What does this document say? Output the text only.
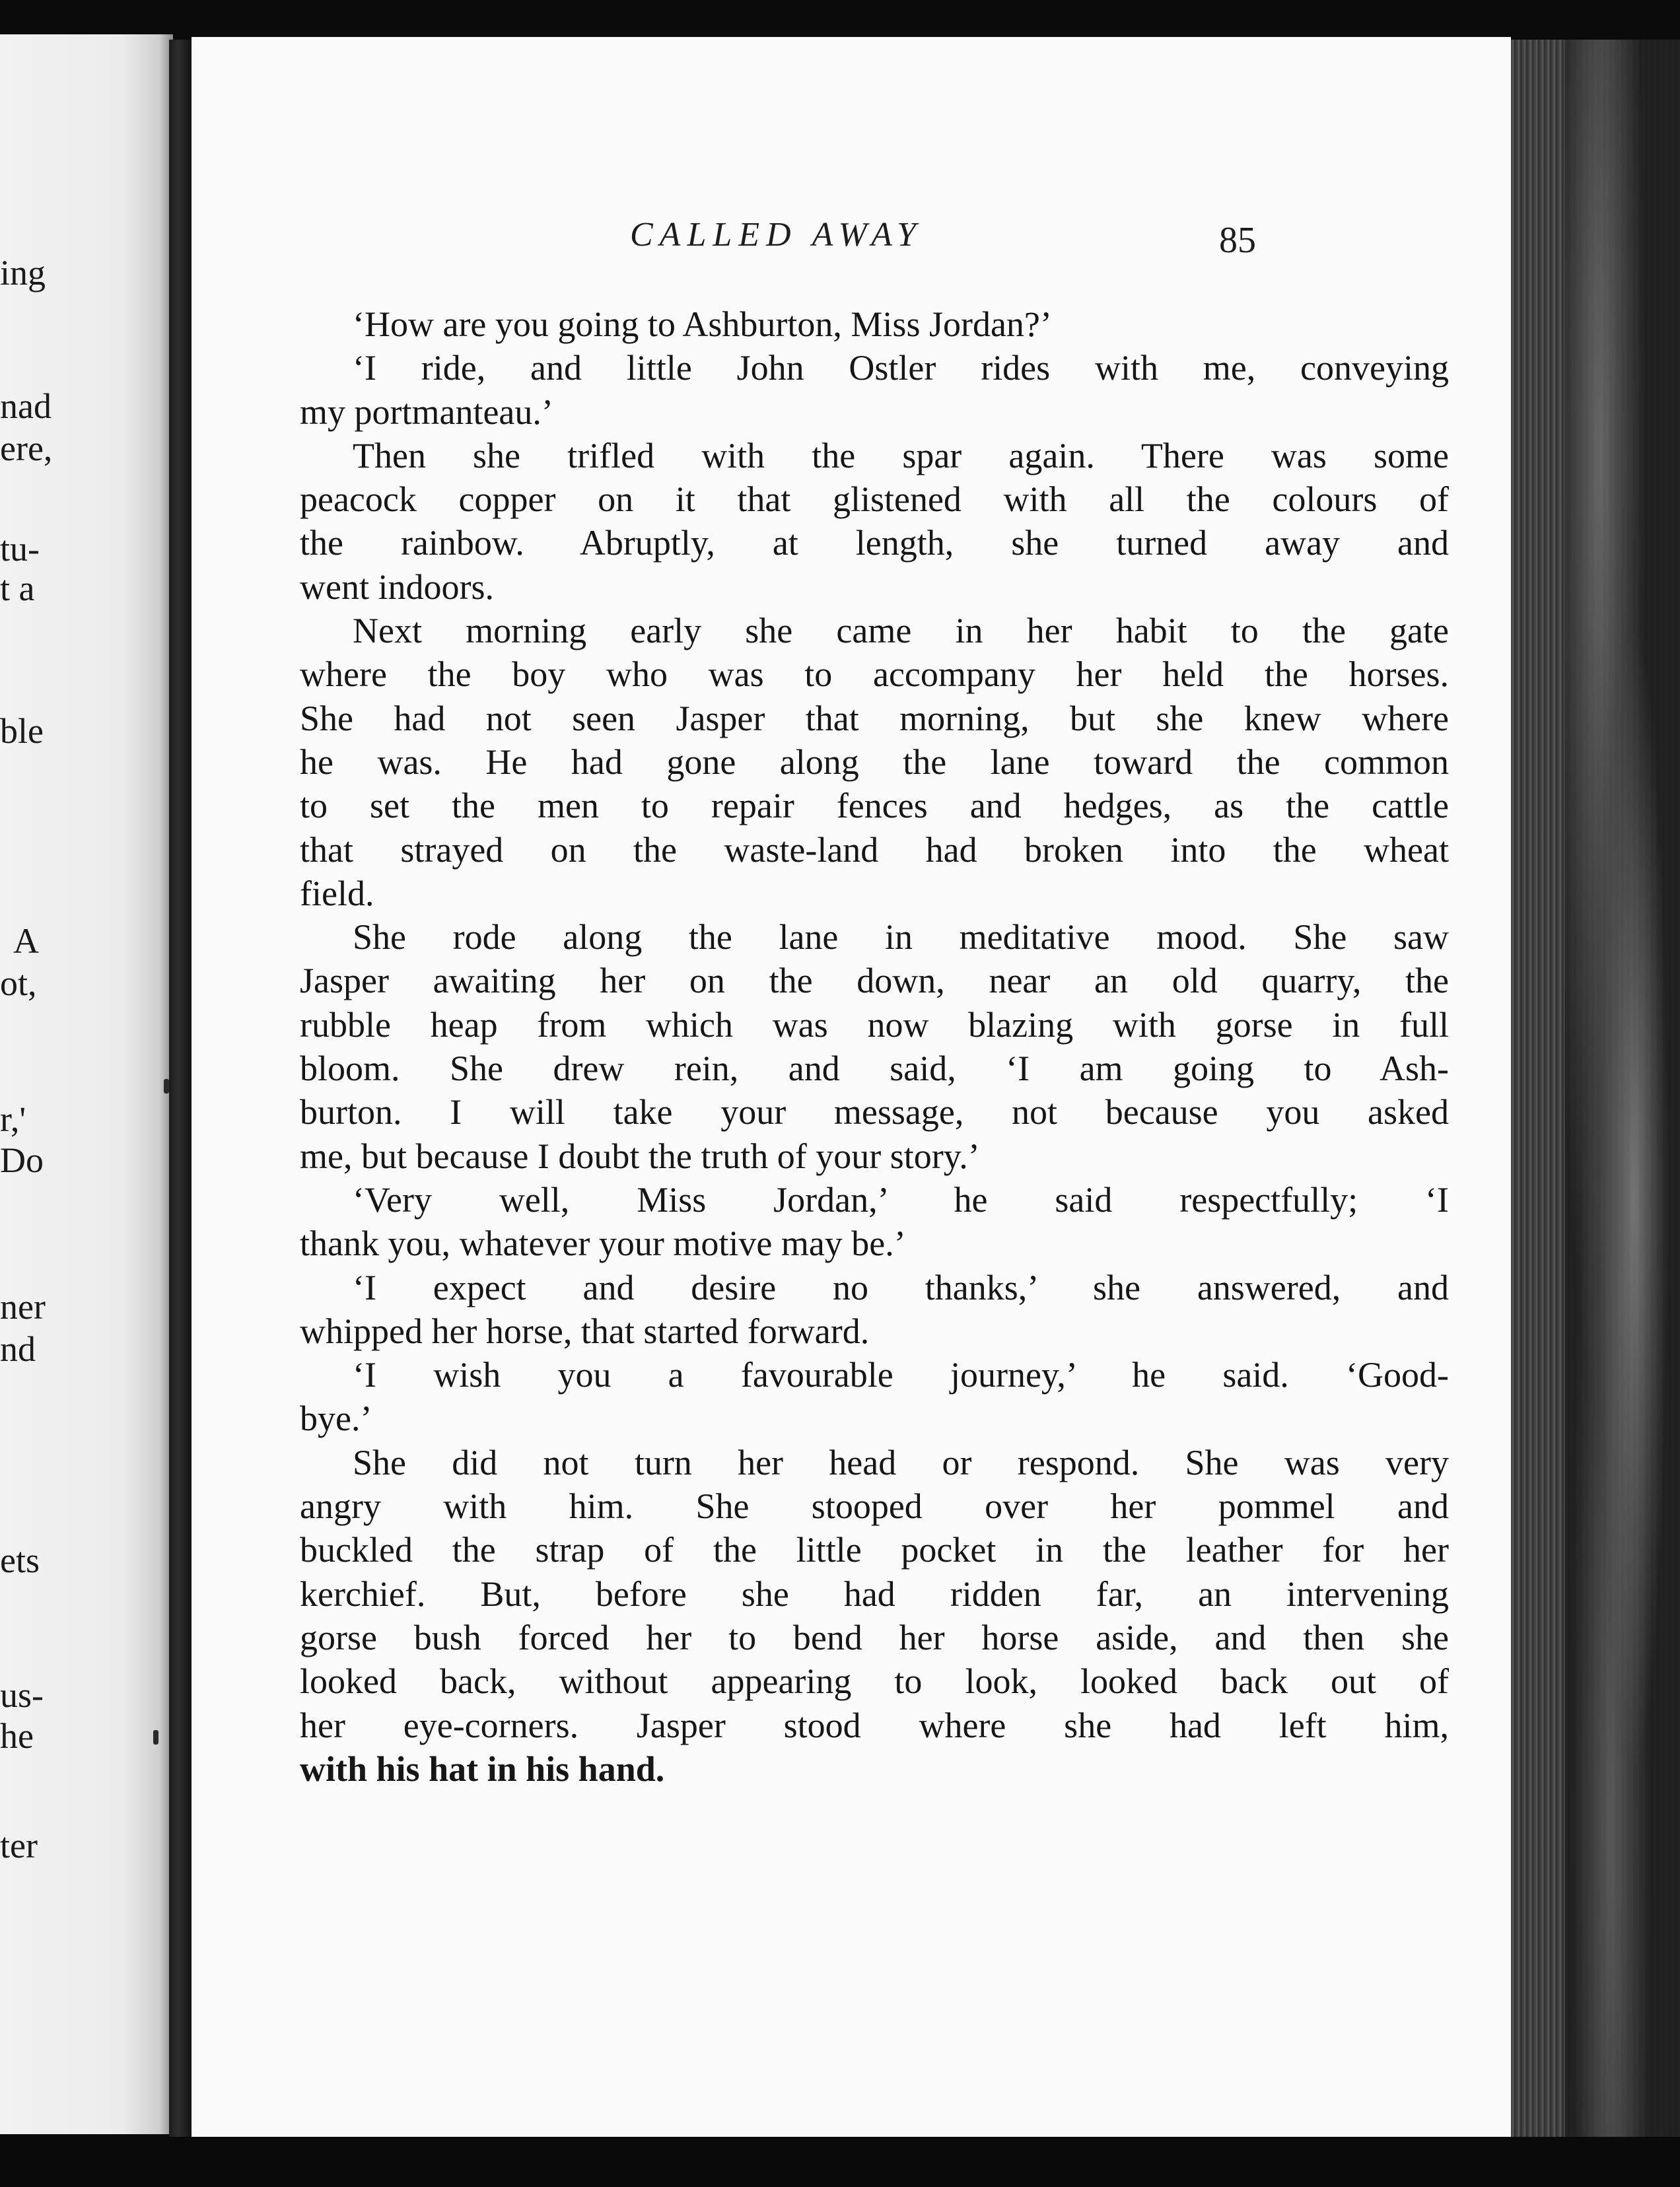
ing
nad
ere,
tu-
t a
ble
A
ot,
r,'
Do
ner
nd
ets
us-
he
ter
CALLED AWAY	85
‘How are you going to Ashburton, Miss Jordan?’
‘I ride, and little John Ostler rides with me, conveying
my portmanteau.’
Then she trifled with the spar again. There was some
peacock copper on it that glistened with all the colours of
the rainbow. Abruptly, at length, she turned away and
went indoors.
Next morning early she came in her habit to the gate
where the boy who was to accompany her held the horses.
She had not seen Jasper that morning, but she knew where
he was. He had gone along the lane toward the common
to set the men to repair fences and hedges, as the cattle
that strayed on the waste-land had broken into the wheat
field.
She rode along the lane in meditative mood. She saw
Jasper awaiting her on the down, near an old quarry, the
rubble heap from which was now blazing with gorse in full
bloom. She drew rein, and said, ‘I am going to Ash-
burton. I will take your message, not because you asked
me, but because I doubt the truth of your story.’
‘Very well, Miss Jordan,’ he said respectfully; ‘I
thank you, whatever your motive may be.’
‘I expect and desire no thanks,’ she answered, and
whipped her horse, that started forward.
‘I wish you a favourable journey,’ he said. ‘Good-
bye.’
She did not turn her head or respond. She was very
angry with him. She stooped over her pommel and
buckled the strap of the little pocket in the leather for her
kerchief. But, before she had ridden far, an intervening
gorse bush forced her to bend her horse aside, and then she
looked back, without appearing to look, looked back out of
her eye-corners. Jasper stood where she had left him,
with his hat in his hand.
